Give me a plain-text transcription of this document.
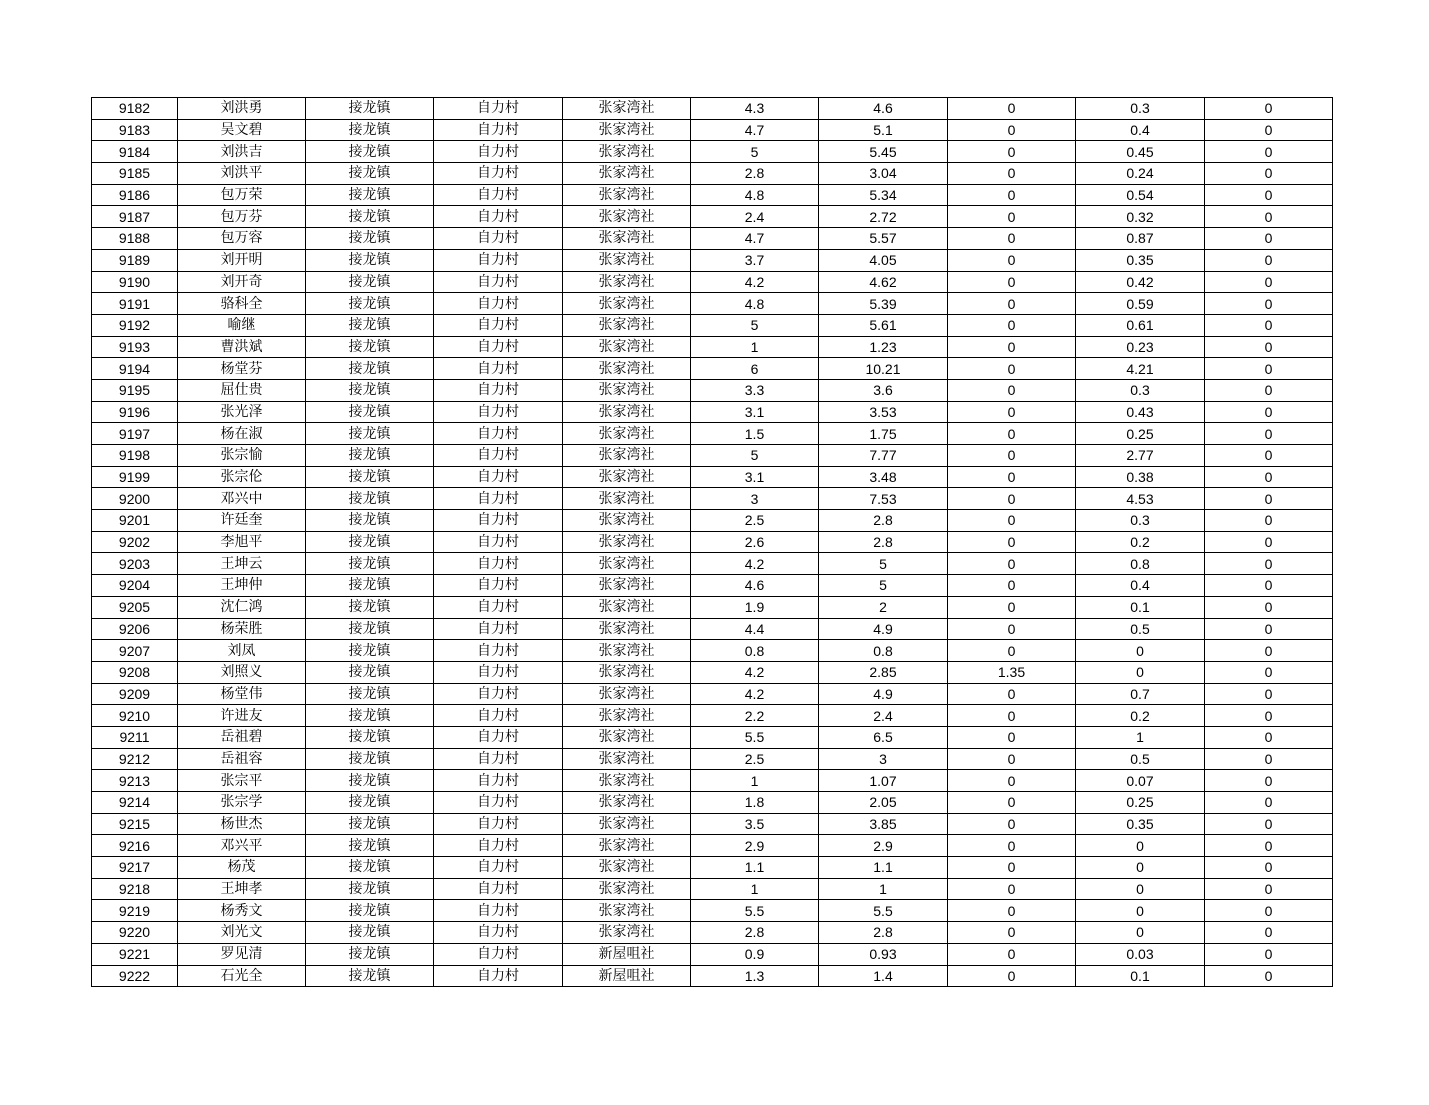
9182	刘洪勇	接龙镇	自力村	张家湾社	4.3	4.6	0	0.3	0
9183	吴文碧	接龙镇	自力村	张家湾社	4.7	5.1	0	0.4	0
9184	刘洪吉	接龙镇	自力村	张家湾社	5	5.45	0	0.45	0
9185	刘洪平	接龙镇	自力村	张家湾社	2.8	3.04	0	0.24	0
9186	包万荣	接龙镇	自力村	张家湾社	4.8	5.34	0	0.54	0
9187	包万芬	接龙镇	自力村	张家湾社	2.4	2.72	0	0.32	0
9188	包万容	接龙镇	自力村	张家湾社	4.7	5.57	0	0.87	0
9189	刘开明	接龙镇	自力村	张家湾社	3.7	4.05	0	0.35	0
9190	刘开奇	接龙镇	自力村	张家湾社	4.2	4.62	0	0.42	0
9191	骆科全	接龙镇	自力村	张家湾社	4.8	5.39	0	0.59	0
9192	喻继	接龙镇	自力村	张家湾社	5	5.61	0	0.61	0
9193	曹洪斌	接龙镇	自力村	张家湾社	1	1.23	0	0.23	0
9194	杨堂芬	接龙镇	自力村	张家湾社	6	10.21	0	4.21	0
9195	屈仕贵	接龙镇	自力村	张家湾社	3.3	3.6	0	0.3	0
9196	张光泽	接龙镇	自力村	张家湾社	3.1	3.53	0	0.43	0
9197	杨在淑	接龙镇	自力村	张家湾社	1.5	1.75	0	0.25	0
9198	张宗愉	接龙镇	自力村	张家湾社	5	7.77	0	2.77	0
9199	张宗伦	接龙镇	自力村	张家湾社	3.1	3.48	0	0.38	0
9200	邓兴中	接龙镇	自力村	张家湾社	3	7.53	0	4.53	0
9201	许廷奎	接龙镇	自力村	张家湾社	2.5	2.8	0	0.3	0
9202	李旭平	接龙镇	自力村	张家湾社	2.6	2.8	0	0.2	0
9203	王坤云	接龙镇	自力村	张家湾社	4.2	5	0	0.8	0
9204	王坤仲	接龙镇	自力村	张家湾社	4.6	5	0	0.4	0
9205	沈仁鸿	接龙镇	自力村	张家湾社	1.9	2	0	0.1	0
9206	杨荣胜	接龙镇	自力村	张家湾社	4.4	4.9	0	0.5	0
9207	刘凤	接龙镇	自力村	张家湾社	0.8	0.8	0	0	0
9208	刘照义	接龙镇	自力村	张家湾社	4.2	2.85	1.35	0	0
9209	杨堂伟	接龙镇	自力村	张家湾社	4.2	4.9	0	0.7	0
9210	许进友	接龙镇	自力村	张家湾社	2.2	2.4	0	0.2	0
9211	岳祖碧	接龙镇	自力村	张家湾社	5.5	6.5	0	1	0
9212	岳祖容	接龙镇	自力村	张家湾社	2.5	3	0	0.5	0
9213	张宗平	接龙镇	自力村	张家湾社	1	1.07	0	0.07	0
9214	张宗学	接龙镇	自力村	张家湾社	1.8	2.05	0	0.25	0
9215	杨世杰	接龙镇	自力村	张家湾社	3.5	3.85	0	0.35	0
9216	邓兴平	接龙镇	自力村	张家湾社	2.9	2.9	0	0	0
9217	杨茂	接龙镇	自力村	张家湾社	1.1	1.1	0	0	0
9218	王坤孝	接龙镇	自力村	张家湾社	1	1	0	0	0
9219	杨秀文	接龙镇	自力村	张家湾社	5.5	5.5	0	0	0
9220	刘光文	接龙镇	自力村	张家湾社	2.8	2.8	0	0	0
9221	罗见清	接龙镇	自力村	新屋咀社	0.9	0.93	0	0.03	0
9222	石光全	接龙镇	自力村	新屋咀社	1.3	1.4	0	0.1	0
